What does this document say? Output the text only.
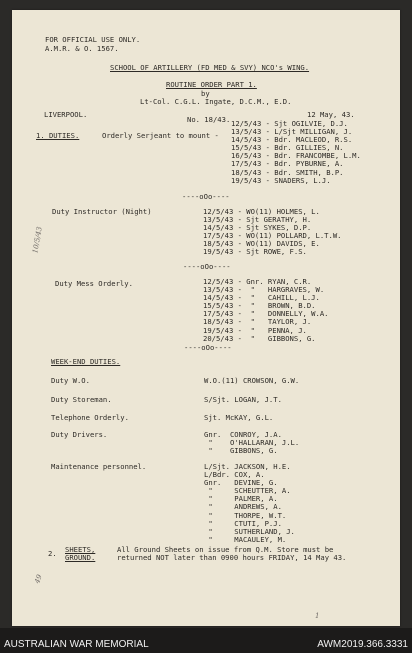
FOR OFFICIAL USE ONLY.
A.M.R. & O. 1567.
SCHOOL OF ARTILLERY (FD MED & SVY) NCO's WING.
ROUTINE ORDER PART 1.
by
Lt-Col. C.G.L. Ingate, D.C.M., E.D.
LIVERPOOL.
No. 18/43.
12 May, 43.
1. DUTIES.	Orderly Serjeant to mount -
12/5/43 - Sjt OGILVIE, D.J.
13/5/43 - L/Sjt MILLIGAN, J.
14/5/43 - Bdr. MACLEOD, R.S.
15/5/43 - Bdr. GILLIES, N.
16/5/43 - Bdr. FRANCOMBE, L.M.
17/5/43 - Bdr. PYBURNE, A.
18/5/43 - Bdr. SMITH, B.P.
19/5/43 - SNADERS, L.J.
----oOo----
Duty Instructor (Night)	12/5/43 - WO(11) HOLMES, L.
13/5/43 - Sjt GERATHY, H.
14/5/43 - Sjt SYKES, D.P.
17/5/43 - WO(11) POLLARD, L.T.W.
18/5/43 - WO(11) DAVIDS, E.
19/5/43 - Sjt ROWE, F.S.
----oOo----
Duty Mess Orderly.	12/5/43 - Gnr. RYAN, C.R.
13/5/43 -  "   HARGRAVES, W.
14/5/43 -  "   CAHILL, L.J.
15/5/43 -  "   BROWN, B.D.
17/5/43 -  "   DONNELLY, W.A.
18/5/43 -  "   TAYLOR, J.
19/5/43 -  "   PENNA, J.
20/5/43 -  "   GIBBONS, G.
----oOo----
WEEK-END DUTIES.
Duty W.O.	W.O.(11) CROWSON, G.W.
Duty Storeman.	S/Sjt. LOGAN, J.T.
Telephone Orderly.	Sjt. McKAY, G.L.
Duty Drivers.	Gnr.  CONROY, J.A.
"    O'HALLARAN, J.L.
"    GIBBONS, G.
Maintenance personnel.	L/Sjt. JACKSON, H.E.
L/Bdr. COX, A.
Gnr.   DEVINE, G.
"     SCHEUTTER, A.
"     PALMER, A.
"     ANDREWS, A.
"     THORPE, W.T.
"     CTUTI, P.J.
"     SUTHERLAND, J.
"     MACAULEY, M.
2. SHEETS,
GROUND.
All Ground Sheets on issue from Q.M. Store must be
returned NOT later than 0900 hours FRIDAY, 14 May 43.
10/5/43
49
1
AUSTRALIAN WAR MEMORIAL	AWM2019.366.3331
